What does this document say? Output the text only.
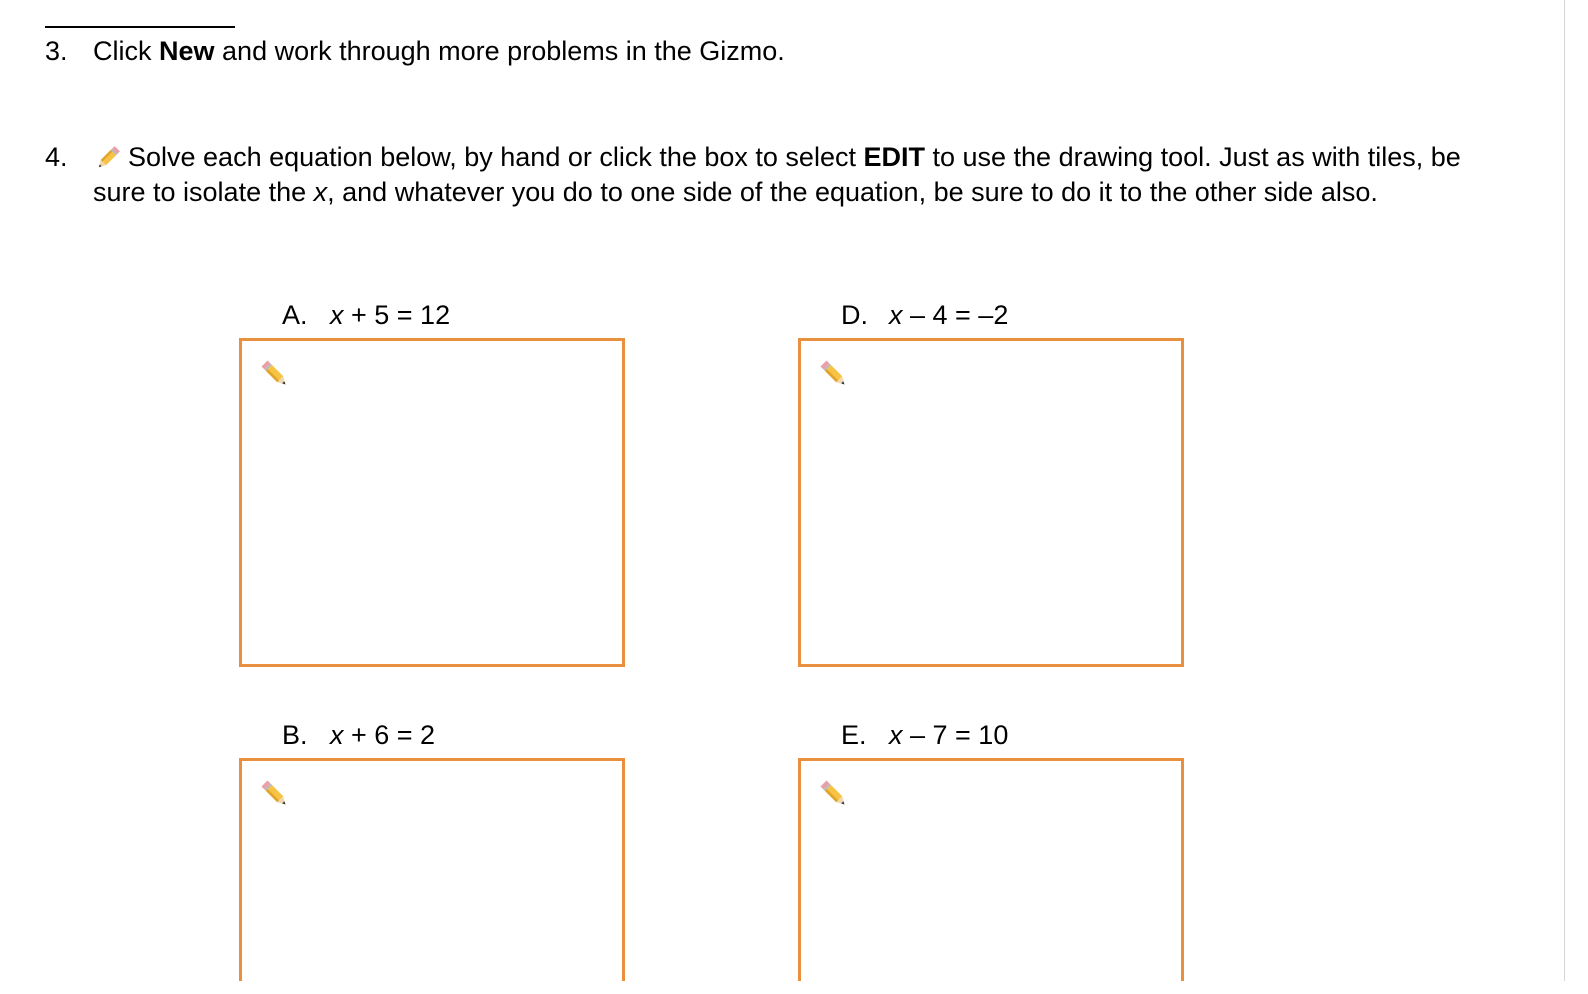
3. Click New and work through more problems in the Gizmo.
4.	Solve each equation below, by hand or click the box to select EDIT to use the drawing tool. Just as with tiles, be sure to isolate the x, and whatever you do to one side of the equation, be sure to do it to the other side also.
A. x + 5 = 12	D. x – 4 = –2
B. x + 6 = 2	E. x – 7 = 10
